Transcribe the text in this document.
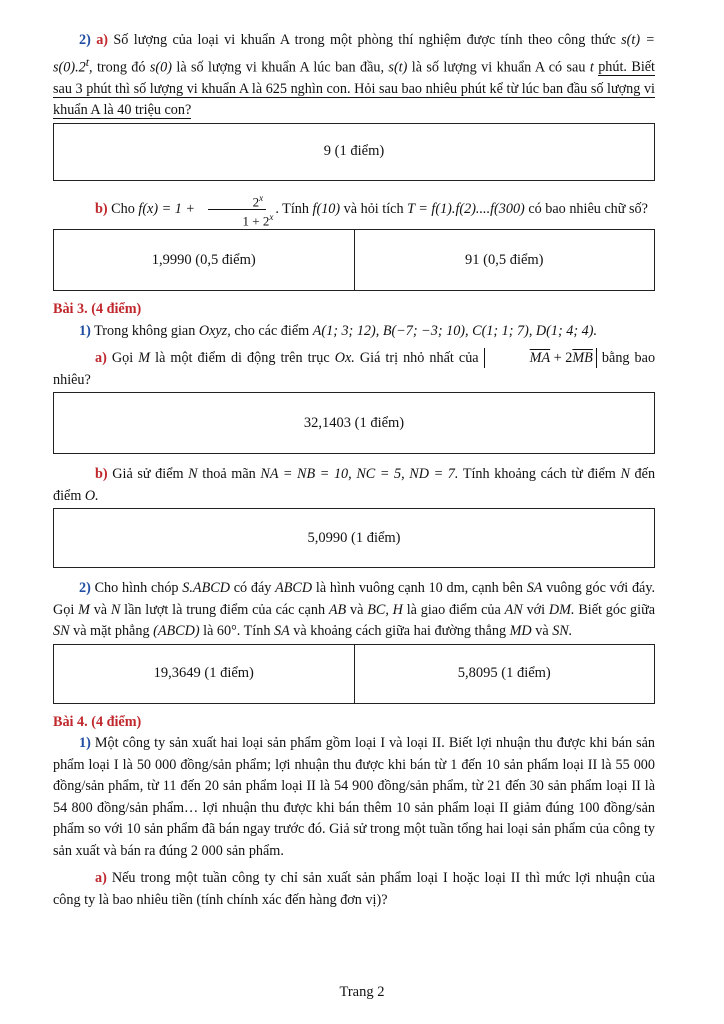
2) a) Số lượng của loại vi khuẩn A trong một phòng thí nghiệm được tính theo công thức $s(t) = s(0).2^t$, trong đó s(0) là số lượng vi khuẩn A lúc ban đầu, s(t) là số lượng vi khuẩn A có sau t phút. Biết sau 3 phút thì số lượng vi khuẩn A là 625 nghìn con. Hỏi sau bao nhiêu phút kể từ lúc ban đầu số lượng vi khuẩn A là 40 triệu con?

9 (1 điểm)

b) Cho $f(x) = 1 + \frac{2^x}{1 + 2^x}$ . Tính f(10) và hỏi tích T = f(1).f(2)....f(300) có bao nhiêu chữ số?

1,9990 (0,5 điểm)	91 (0,5 điểm)

Bài 3. (4 điểm)

1) Trong không gian Oxyz, cho các điểm A(1; 3; 12), B(−7; −3; 10), C(1; 1; 7), D(1; 4; 4).

a) Gọi M là một điểm di động trên trục Ox. Giá trị nhỏ nhất của	$\overline{MA} + 2\overline{MB}$ bằng bao nhiêu?

32,1403 (1 điểm)

b) Giả sử điểm N thoả mãn NA = NB = 10, NC = 5, ND = 7. Tính khoảng cách từ điểm N đến điểm O.

5,0990 (1 điểm)

2) Cho hình chóp S.ABCD có đáy ABCD là hình vuông cạnh 10 dm, cạnh bên SA vuông góc với đáy. Gọi M và N lần lượt là trung điểm của các cạnh AB và BC, H là giao điểm của AN với DM. Biết góc giữa SN và mặt phẳng (ABCD) là 60°. Tính SA và khoảng cách giữa hai đường thẳng MD và SN.

19,3649 (1 điểm)	5,8095 (1 điểm)

Bài 4. (4 điểm)

1) Một công ty sản xuất hai loại sản phẩm gồm loại I và loại II. Biết lợi nhuận thu được khi bán sản phẩm loại I là 50 000 đồng/sản phẩm; lợi nhuận thu được khi bán từ 1 đến 10 sản phẩm loại II là 55 000 đồng/sản phẩm, từ 11 đến 20 sản phẩm loại II là 54 900 đồng/sản phẩm, từ 21 đến 30 sản phẩm loại II là 54 800 đồng/sản phẩm… lợi nhuận thu được khi bán thêm 10 sản phẩm loại II giảm đúng 100 đồng/sản phẩm so với 10 sản phẩm đã bán ngay trước đó. Giả sử trong một tuần tổng hai loại sản phẩm của công ty sản xuất và bán ra đúng 2 000 sản phẩm.

a) Nếu trong một tuần công ty chỉ sản xuất sản phẩm loại I hoặc loại II thì mức lợi nhuận của công ty là bao nhiêu tiền (tính chính xác đến hàng đơn vị)?

Trang 2
